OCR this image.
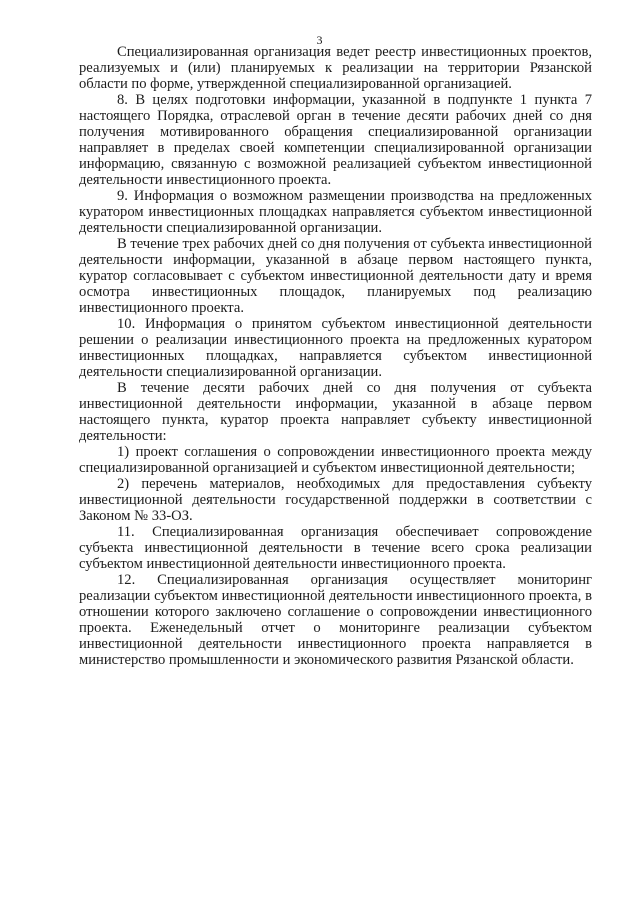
3

Специализированная организация ведет реестр инвестиционных проектов, реализуемых и (или) планируемых к реализации на территории Рязанской области по форме, утвержденной специализированной организацией.

8. В целях подготовки информации, указанной в подпункте 1 пункта 7 настоящего Порядка, отраслевой орган в течение десяти рабочих дней со дня получения мотивированного обращения специализированной организации направляет в пределах своей компетенции специализированной организации информацию, связанную с возможной реализацией субъектом инвестиционной деятельности инвестиционного проекта.

9. Информация о возможном размещении производства на предложенных куратором инвестиционных площадках направляется субъектом инвестиционной деятельности специализированной организации.

В течение трех рабочих дней со дня получения от субъекта инвестиционной деятельности информации, указанной в абзаце первом настоящего пункта, куратор согласовывает с субъектом инвестиционной деятельности дату и время осмотра инвестиционных площадок, планируемых под реализацию инвестиционного проекта.

10. Информация о принятом субъектом инвестиционной деятельности решении о реализации инвестиционного проекта на предложенных куратором инвестиционных площадках, направляется субъектом инвестиционной деятельности специализированной организации.

В течение десяти рабочих дней со дня получения от субъекта инвестиционной деятельности информации, указанной в абзаце первом настоящего пункта, куратор проекта направляет субъекту инвестиционной деятельности:

1) проект соглашения о сопровождении инвестиционного проекта между специализированной организацией и субъектом инвестиционной деятельности;

2) перечень материалов, необходимых для предоставления субъекту инвестиционной деятельности государственной поддержки в соответствии с Законом № 33-ОЗ.

11. Специализированная организация обеспечивает сопровождение субъекта инвестиционной деятельности в течение всего срока реализации субъектом инвестиционной деятельности инвестиционного проекта.

12. Специализированная организация осуществляет мониторинг реализации субъектом инвестиционной деятельности инвестиционного проекта, в отношении которого заключено соглашение о сопровождении инвестиционного проекта. Еженедельный отчет о мониторинге реализации субъектом инвестиционной деятельности инвестиционного проекта направляется в министерство промышленности и экономического развития Рязанской области.
